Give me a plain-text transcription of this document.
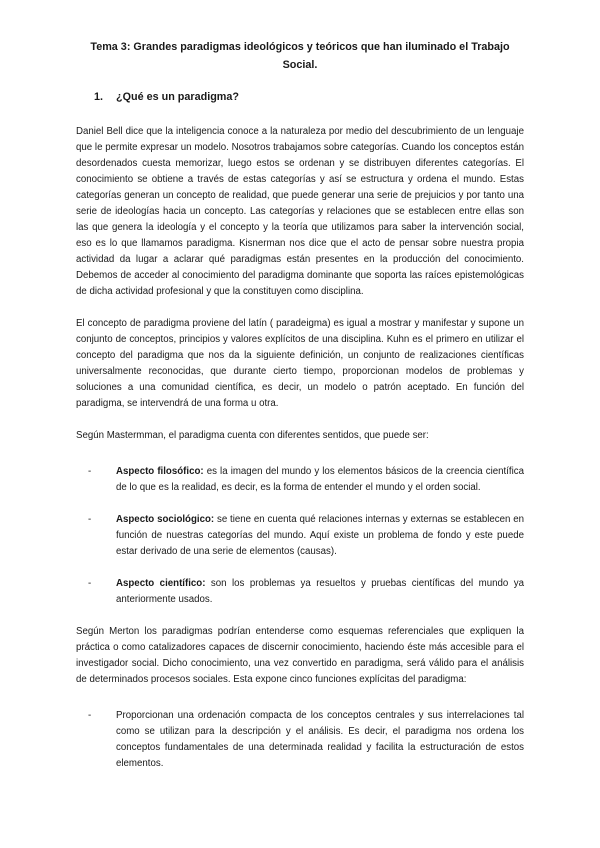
Tema 3: Grandes paradigmas ideológicos y teóricos que han iluminado el Trabajo Social.
1. ¿Qué es un paradigma?

Daniel Bell dice que la inteligencia conoce a la naturaleza por medio del descubrimiento de un lenguaje que le permite expresar un modelo. Nosotros trabajamos sobre categorías. Cuando los conceptos están desordenados cuesta memorizar, luego estos se ordenan y se distribuyen diferentes categorías. El conocimiento se obtiene a través de estas categorías y así se estructura y ordena el mundo. Estas categorías generan un concepto de realidad, que puede generar una serie de prejuicios y por tanto una serie de ideologías hacia un concepto. Las categorías y relaciones que se establecen entre ellas son las que genera la ideología y el concepto y la teoría que utilizamos para saber la intervención social, eso es lo que llamamos paradigma. Kisnerman nos dice que el acto de pensar sobre nuestra propia actividad da lugar a aclarar qué paradigmas están presentes en la producción del conocimiento. Debemos de acceder al conocimiento del paradigma dominante que soporta las raíces epistemológicas de dicha actividad profesional y que la constituyen como disciplina.

El concepto de paradigma proviene del latín ( paradeigma) es igual a mostrar y manifestar y supone un conjunto de conceptos, principios y valores explícitos de una disciplina. Kuhn es el primero en utilizar el concepto del paradigma que nos da la siguiente definición, un conjunto de realizaciones científicas universalmente reconocidas, que durante cierto tiempo, proporcionan modelos de problemas y soluciones a una comunidad científica, es decir, un modelo o patrón aceptado. En función del paradigma, se intervendrá de una forma u otra.

Según Mastermman, el paradigma cuenta con diferentes sentidos, que puede ser:

-	Aspecto filosófico: es la imagen del mundo y los elementos básicos de la creencia científica de lo que es la realidad, es decir, es la forma de entender el mundo y el orden social.
-	Aspecto sociológico: se tiene en cuenta qué relaciones internas y externas se establecen en función de nuestras categorías del mundo. Aquí existe un problema de fondo y este puede estar derivado de una serie de elementos (causas).
-	Aspecto científico: son los problemas ya resueltos y pruebas científicas del mundo ya anteriormente usados.

Según Merton los paradigmas podrían entenderse como esquemas referenciales que expliquen la práctica o como catalizadores capaces de discernir conocimiento, haciendo éste más accesible para el investigador social. Dicho conocimiento, una vez convertido en paradigma, será válido para el análisis de determinados procesos sociales. Esta expone cinco funciones explícitas del paradigma:

-	Proporcionan una ordenación compacta de los conceptos centrales y sus interrelaciones tal como se utilizan para la descripción y el análisis. Es decir, el paradigma nos ordena los conceptos fundamentales de una determinada realidad y facilita la estructuración de estos elementos.
